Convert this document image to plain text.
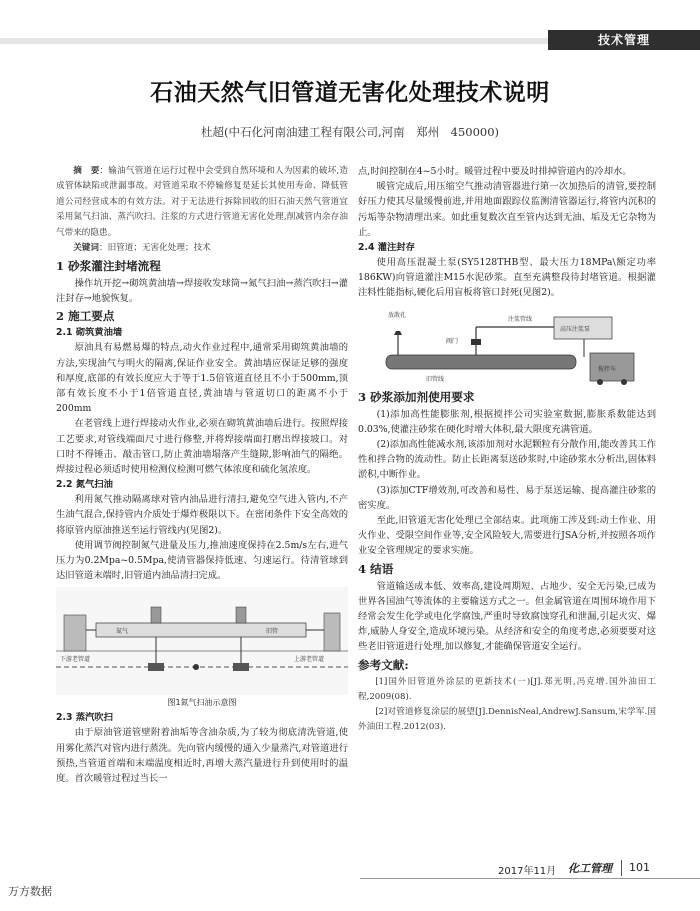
技术管理
石油天然气旧管道无害化处理技术说明
杜超(中石化河南油建工程有限公司,河南　郑州　450000)

摘　要：输油气管道在运行过程中会受到自然环境和人为因素的破坏,造成管体缺陷或泄漏事故。对管道采取不停输修复是延长其使用寿命、降低管道公司经营成本的有效方法。对于无法进行拆除回收的旧石油天然气管道宜采用氮气扫油、蒸汽吹扫、注浆的方式进行管道无害化处理,削减管内余存油气带来的隐患。

关键词：旧管道；无害化处理；技术

1 砂浆灌注封堵流程

操作坑开挖→砌筑黄油墙→焊接收发球筒→氮气扫油→蒸汽吹扫→灌注封存→地貌恢复。

2 施工要点
2.1 砌筑黄油墙

原油具有易燃易爆的特点,动火作业过程中,通常采用砌筑黄油墙的方法,实现油气与明火的隔离,保证作业安全。黄油墙应保证足够的强度和厚度,底部的有效长度应大于等于1.5倍管道直径且不小于500mm,顶部有效长度不小于1倍管道直径,黄油墙与管道切口的距离不小于200mm

在老管线上进行焊接动火作业,必须在砌筑黄油墙后进行。按照焊接工艺要求,对管线端面尺寸进行修整,并将焊接端面打磨出焊接坡口。对口时不得锤击、敲击管口,防止黄油墙塌落产生缝隙,影响油气的隔绝。焊接过程必须适时使用检测仪检测可燃气体浓度和硫化氢浓度。

2.2 氮气扫油

利用氮气推动隔离球对管内油品进行清扫,避免空气进入管内,不产生油气混合,保持管内介质处于爆炸极限以下。在密闭条件下安全高效的将原管内原油推送至运行管线内(见图2)。

使用调节阀控制氮气进量及压力,推油速度保持在2.5m/s左右,进气压力为0.2Mpa~0.5Mpa,使清管器保持低速、匀速运行。待清管球到达旧管道末端时,旧管道内油品清扫完成。

氮气	旧管
下游老管道	上游老管道
图1氮气扫油示意图
2.3 蒸汽吹扫

由于原油管道管壁附着油垢等含油杂质,为了较为彻底清洗管道,使用雾化蒸汽对管内进行蒸洗。先向管内缓慢的通入少量蒸汽,对管道进行预热,当管道首端和末端温度相近时,再增大蒸汽量进行升到使用时的温度。首次暖管过程过当长一

点,时间控制在4~5小时。暖管过程中要及时排掉管道内的冷却水。

暖管完成后,用压缩空气推动清管器进行第一次加热后的清管,要控制好压力使其尽量缓慢前进,并用地面跟踪仪监测清管器运行,将管内沉积的污垢等杂物清理出来。如此重复数次直至管内达到无油、垢及无它杂物为止。

2.4 灌注封存

使用高压混凝土泵(SY5128THB型、最大压力18MPa\额定功率186KW)向管道灌注M15水泥砂浆。直至充满整段待封堵管道。根据灌注料性能指标,硬化后用盲板将管口封死(见图2)。

放散孔
注浆管线
阀门
高压注浆泵
搅拌车
旧管线
3 砂浆添加剂使用要求

(1)添加高性能膨胀剂,根据搅拌公司实验室数据,膨胀系数能达到0.03%,使灌注砂浆在硬化时增大体积,最大限度充满管道。

(2)添加高性能减水剂,该添加剂对水泥颗粒有分散作用,能改善其工作性和拌合物的流动性。防止长距离泵送砂浆时,中途砂浆水分析出,固体料淤积,中断作业。

(3)添加CTF增效剂,可改善和易性、易于泵送运输、提高灌注砂浆的密实度。

至此,旧管道无害化处理已全部结束。此项施工涉及到:动土作业、用火作业、受限空间作业等,安全风险较大,需要进行JSA分析,并按照各项作业安全管理规定的要求实施。

4 结语

管道输送成本低、效率高,建设周期短、占地少、安全无污染,已成为世界各国油气等流体的主要输送方式之一。但金属管道在周围环境作用下经常会发生化学或电化学腐蚀,严重时导致腐蚀穿孔和泄漏,引起火灾、爆炸,威胁人身安全,造成环境污染。从经济和安全的角度考虑,必须要要对这些老旧管道进行处理,加以修复,才能确保管道安全运行。

参考文献:

[1]国外旧管道外涂层的更新技术(一)[J].郑光明,冯克增.国外油田工程,2009(08).

[2]对管道修复涂层的展望[J].DennisNeal,AndrewJ.Sansum,宋学军.国外油田工程.2012(03).

2017年11月 化工管理 101
万方数据
